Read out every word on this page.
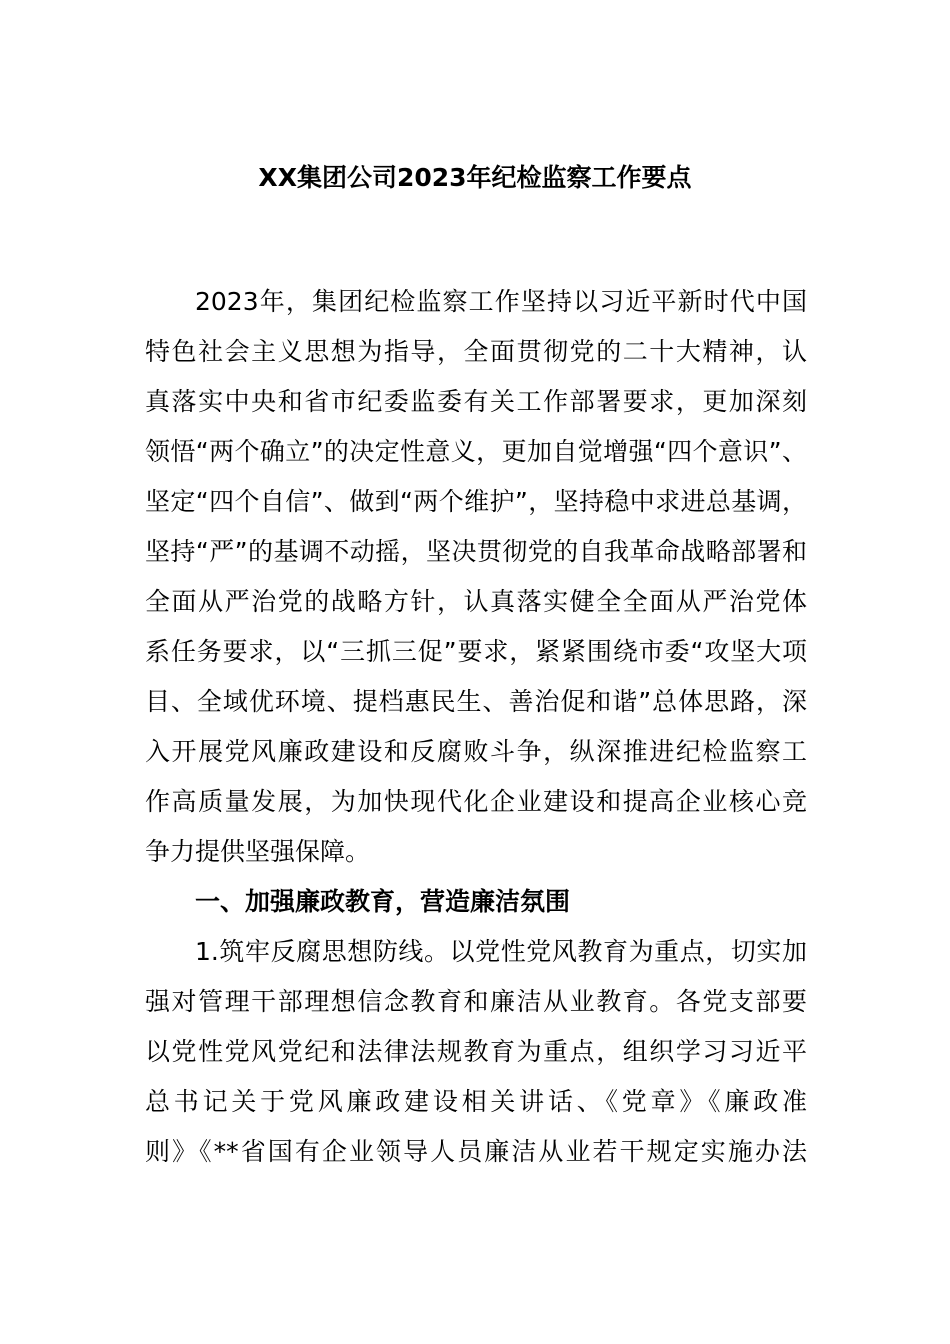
XX集团公司2023年纪检监察工作要点
2023年，集团纪检监察工作坚持以习近平新时代中国
特色社会主义思想为指导，全面贯彻党的二十大精神，认
真落实中央和省市纪委监委有关工作部署要求，更加深刻
领悟“两个确立”的决定性意义，更加自觉增强“四个意识”、
坚定“四个自信”、做到“两个维护”，坚持稳中求进总基调，
坚持“严”的基调不动摇，坚决贯彻党的自我革命战略部署和
全面从严治党的战略方针，认真落实健全全面从严治党体
系任务要求，以“三抓三促”要求，紧紧围绕市委“攻坚大项
目、全域优环境、提档惠民生、善治促和谐”总体思路，深
入开展党风廉政建设和反腐败斗争，纵深推进纪检监察工
作高质量发展，为加快现代化企业建设和提高企业核心竞
争力提供坚强保障。
一、加强廉政教育，营造廉洁氛围
1.筑牢反腐思想防线。以党性党风教育为重点，切实加
强对管理干部理想信念教育和廉洁从业教育。各党支部要
以党性党风党纪和法律法规教育为重点，组织学习习近平
总书记关于党风廉政建设相关讲话、《党章》《廉政准
则》《**省国有企业领导人员廉洁从业若干规定实施办法
